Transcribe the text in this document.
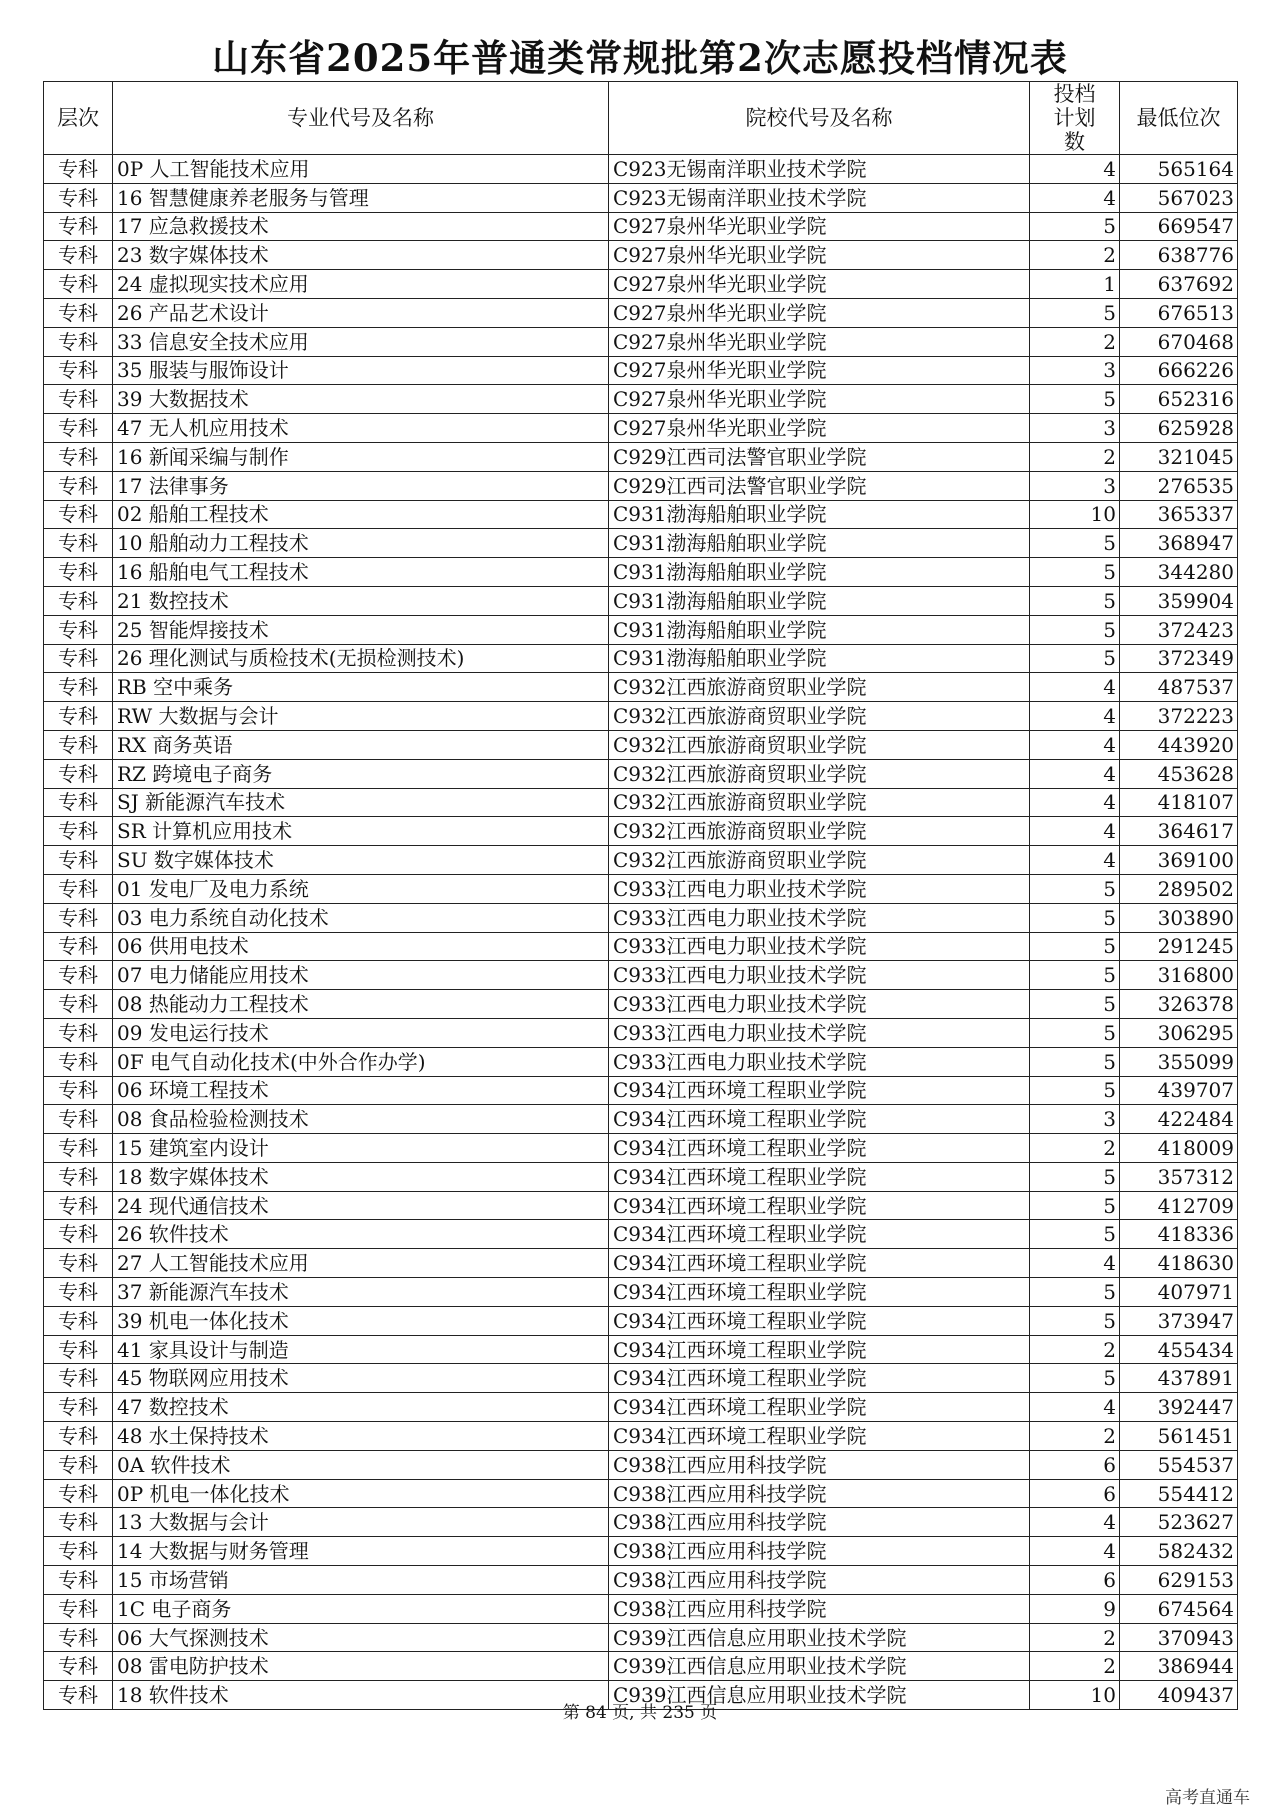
山东省2025年普通类常规批第2次志愿投档情况表
层次	专业代号及名称	院校代号及名称	投档计划数	最低位次
专科	0P 人工智能技术应用	C923无锡南洋职业技术学院	4	565164
专科	16 智慧健康养老服务与管理	C923无锡南洋职业技术学院	4	567023
专科	17 应急救援技术	C927泉州华光职业学院	5	669547
专科	23 数字媒体技术	C927泉州华光职业学院	2	638776
专科	24 虚拟现实技术应用	C927泉州华光职业学院	1	637692
专科	26 产品艺术设计	C927泉州华光职业学院	5	676513
专科	33 信息安全技术应用	C927泉州华光职业学院	2	670468
专科	35 服装与服饰设计	C927泉州华光职业学院	3	666226
专科	39 大数据技术	C927泉州华光职业学院	5	652316
专科	47 无人机应用技术	C927泉州华光职业学院	3	625928
专科	16 新闻采编与制作	C929江西司法警官职业学院	2	321045
专科	17 法律事务	C929江西司法警官职业学院	3	276535
专科	02 船舶工程技术	C931渤海船舶职业学院	10	365337
专科	10 船舶动力工程技术	C931渤海船舶职业学院	5	368947
专科	16 船舶电气工程技术	C931渤海船舶职业学院	5	344280
专科	21 数控技术	C931渤海船舶职业学院	5	359904
专科	25 智能焊接技术	C931渤海船舶职业学院	5	372423
专科	26 理化测试与质检技术(无损检测技术)	C931渤海船舶职业学院	5	372349
专科	RB 空中乘务	C932江西旅游商贸职业学院	4	487537
专科	RW 大数据与会计	C932江西旅游商贸职业学院	4	372223
专科	RX 商务英语	C932江西旅游商贸职业学院	4	443920
专科	RZ 跨境电子商务	C932江西旅游商贸职业学院	4	453628
专科	SJ 新能源汽车技术	C932江西旅游商贸职业学院	4	418107
专科	SR 计算机应用技术	C932江西旅游商贸职业学院	4	364617
专科	SU 数字媒体技术	C932江西旅游商贸职业学院	4	369100
专科	01 发电厂及电力系统	C933江西电力职业技术学院	5	289502
专科	03 电力系统自动化技术	C933江西电力职业技术学院	5	303890
专科	06 供用电技术	C933江西电力职业技术学院	5	291245
专科	07 电力储能应用技术	C933江西电力职业技术学院	5	316800
专科	08 热能动力工程技术	C933江西电力职业技术学院	5	326378
专科	09 发电运行技术	C933江西电力职业技术学院	5	306295
专科	0F 电气自动化技术(中外合作办学)	C933江西电力职业技术学院	5	355099
专科	06 环境工程技术	C934江西环境工程职业学院	5	439707
专科	08 食品检验检测技术	C934江西环境工程职业学院	3	422484
专科	15 建筑室内设计	C934江西环境工程职业学院	2	418009
专科	18 数字媒体技术	C934江西环境工程职业学院	5	357312
专科	24 现代通信技术	C934江西环境工程职业学院	5	412709
专科	26 软件技术	C934江西环境工程职业学院	5	418336
专科	27 人工智能技术应用	C934江西环境工程职业学院	4	418630
专科	37 新能源汽车技术	C934江西环境工程职业学院	5	407971
专科	39 机电一体化技术	C934江西环境工程职业学院	5	373947
专科	41 家具设计与制造	C934江西环境工程职业学院	2	455434
专科	45 物联网应用技术	C934江西环境工程职业学院	5	437891
专科	47 数控技术	C934江西环境工程职业学院	4	392447
专科	48 水土保持技术	C934江西环境工程职业学院	2	561451
专科	0A 软件技术	C938江西应用科技学院	6	554537
专科	0P 机电一体化技术	C938江西应用科技学院	6	554412
专科	13 大数据与会计	C938江西应用科技学院	4	523627
专科	14 大数据与财务管理	C938江西应用科技学院	4	582432
专科	15 市场营销	C938江西应用科技学院	6	629153
专科	1C 电子商务	C938江西应用科技学院	9	674564
专科	06 大气探测技术	C939江西信息应用职业技术学院	2	370943
专科	08 雷电防护技术	C939江西信息应用职业技术学院	2	386944
专科	18 软件技术	C939江西信息应用职业技术学院	10	409437
第 84 页, 共 235 页
高考直通车
